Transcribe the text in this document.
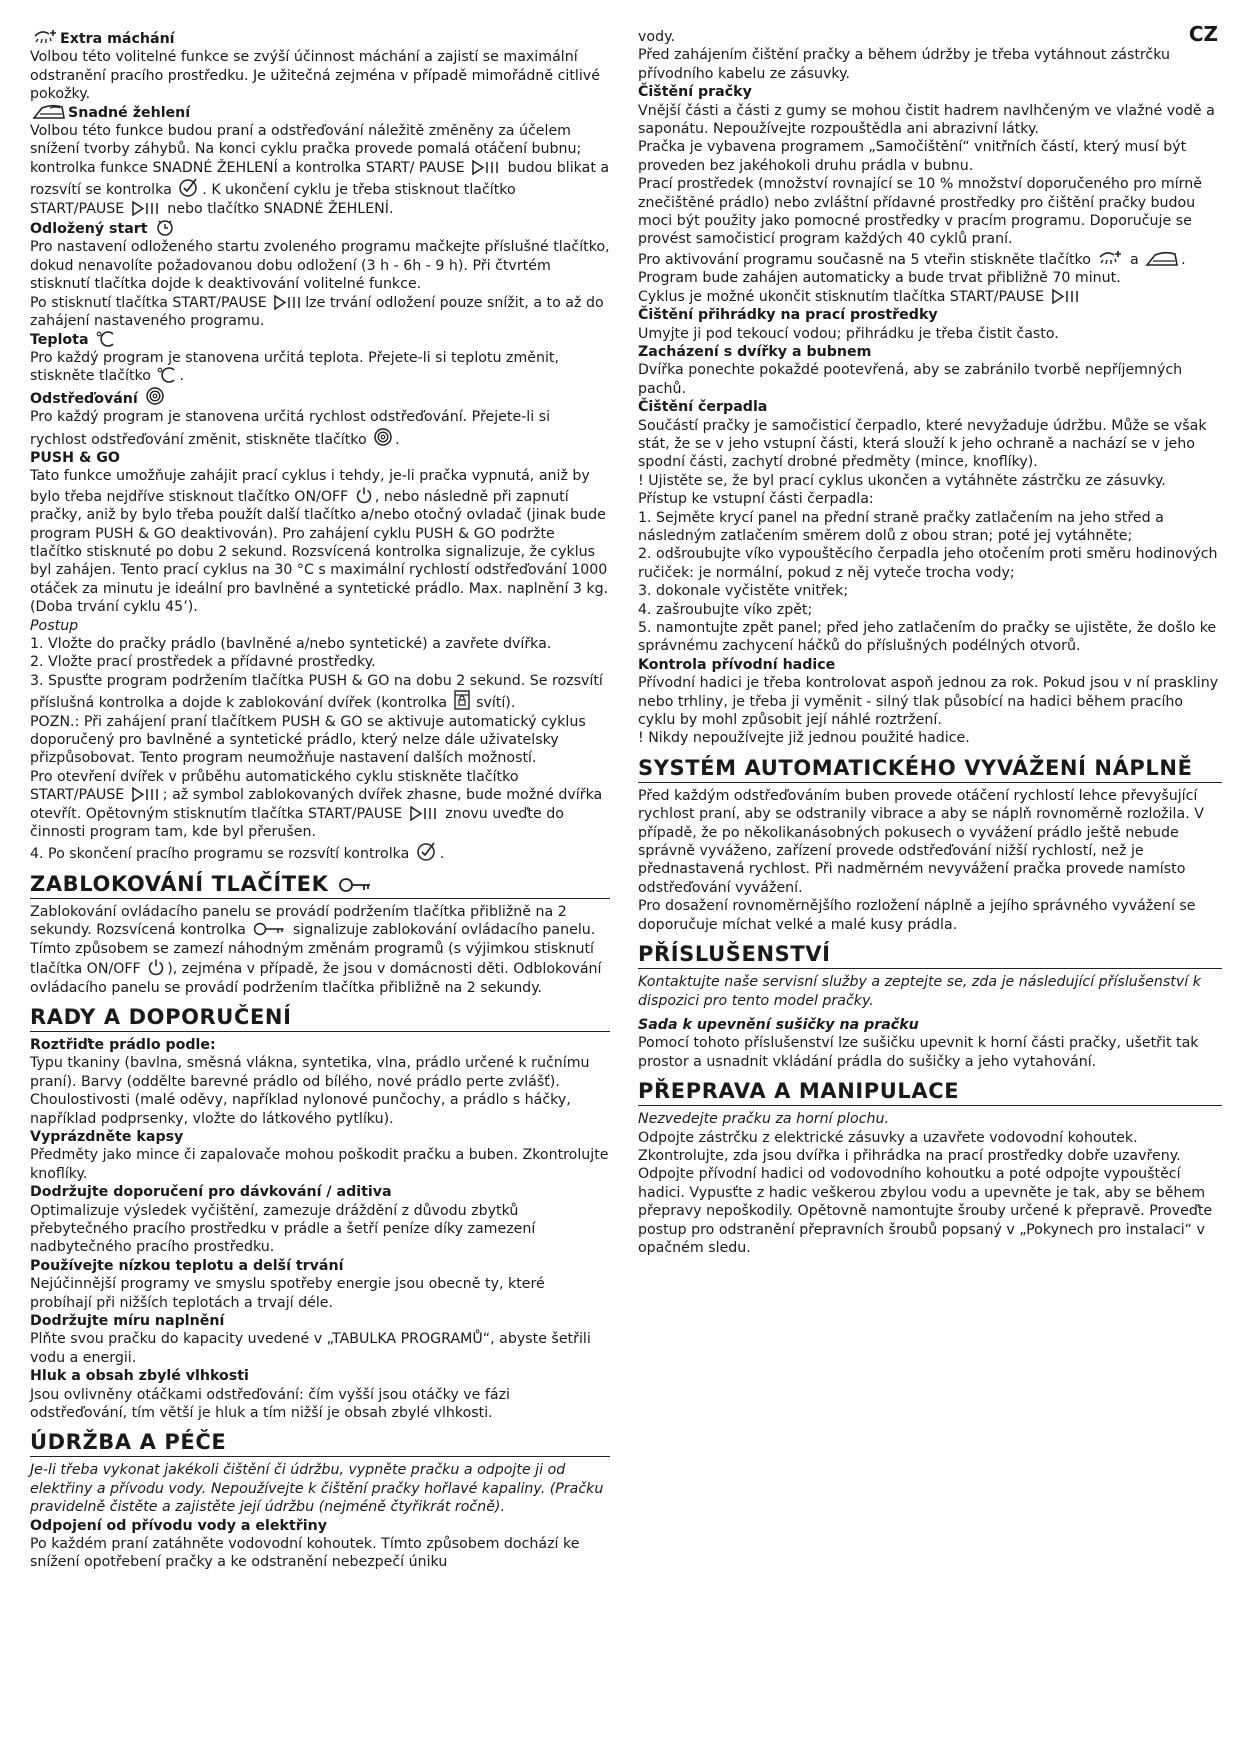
CZ

Extra máchání

Volbou této volitelné funkce se zvýší účinnost máchání a zajistí se maximální odstranění pracího prostředku. Je užitečná zejména v případě mimořádně citlivé pokožky.

Snadné žehlení

Volbou této funkce budou praní a odstřeďování náležitě změněny za účelem snížení tvorby záhybů. Na konci cyklu pračka provede pomalá otáčení bubnu; kontrolka funkce SNADNÉ ŽEHLENÍ a kontrolka START/ PAUSE	budou blikat a rozsvítí se kontrolka . K ukončení cyklu je třeba stisknout tlačítko START/PAUSE	nebo tlačítko SNADNÉ ŽEHLENÍ.

Odložený start

Pro nastavení odloženého startu zvoleného programu mačkejte příslušné tlačítko, dokud nenavolíte požadovanou dobu odložení (3 h - 6h - 9 h). Při čtvrtém stisknutí tlačítka dojde k deaktivování volitelné funkce.

Po stisknutí tlačítka START/PAUSE	lze trvání odložení pouze snížit, a to až do zahájení nastaveného programu.

Teplota

Pro každý program je stanovena určitá teplota. Přejete-li si teplotu změnit, stiskněte tlačítko .

Odstřeďování

Pro každý program je stanovena určitá rychlost odstřeďování. Přejete-li si rychlost odstřeďování změnit, stiskněte tlačítko .

PUSH & GO

Tato funkce umožňuje zahájit prací cyklus i tehdy, je-li pračka vypnutá, aniž by bylo třeba nejdříve stisknout tlačítko ON/OFF , nebo následně při zapnutí pračky, aniž by bylo třeba použít další tlačítko a/nebo otočný ovladač (jinak bude program PUSH & GO deaktivován). Pro zahájení cyklu PUSH & GO podržte tlačítko stisknuté po dobu 2 sekund. Rozsvícená kontrolka signalizuje, že cyklus byl zahájen. Tento prací cyklus na 30 °C s maximální rychlostí odstřeďování 1000 otáček za minutu je ideální pro bavlněné a syntetické prádlo. Max. naplnění 3 kg. (Doba trvání cyklu 45’).

Postup

1. Vložte do pračky prádlo (bavlněné a/nebo syntetické) a zavřete dvířka.

2. Vložte prací prostředek a přídavné prostředky.

3. Spusťte program podržením tlačítka PUSH & GO na dobu 2 sekund. Se rozsvítí příslušná kontrolka a dojde k zablokování dvířek (kontrolka svítí).

POZN.: Při zahájení praní tlačítkem PUSH & GO se aktivuje automatický cyklus doporučený pro bavlněné a syntetické prádlo, který nelze dále uživatelsky přizpůsobovat. Tento program neumožňuje nastavení dalších možností.

Pro otevření dvířek v průběhu automatického cyklu stiskněte tlačítko START/PAUSE	; až symbol zablokovaných dvířek zhasne, bude možné dvířka otevřít. Opětovným stisknutím tlačítka START/PAUSE	znovu uveďte do činnosti program tam, kde byl přerušen.

4. Po skončení pracího programu se rozsvítí kontrolka .

ZABLOKOVÁNÍ TLAČÍTEK

Zablokování ovládacího panelu se provádí podržením tlačítka přibližně na 2 sekundy. Rozsvícená kontrolka	signalizuje zablokování ovládacího panelu. Tímto způsobem se zamezí náhodným změnám programů (s výjimkou stisknutí tlačítka ON/OFF ), zejména v případě, že jsou v domácnosti děti. Odblokování ovládacího panelu se provádí podržením tlačítka přibližně na 2 sekundy.

RADY A DOPORUČENÍ

Roztřiďte prádlo podle:

Typu tkaniny (bavlna, směsná vlákna, syntetika, vlna, prádlo určené k ručnímu praní). Barvy (oddělte barevné prádlo od bílého, nové prádlo perte zvlášť). Choulostivosti (malé oděvy, například nylonové punčochy, a prádlo s háčky, například podprsenky, vložte do látkového pytlíku).

Vyprázdněte kapsy

Předměty jako mince či zapalovače mohou poškodit pračku a buben. Zkontrolujte knoflíky.

Dodržujte doporučení pro dávkování / aditiva

Optimalizuje výsledek vyčištění, zamezuje dráždění z důvodu zbytků přebytečného pracího prostředku v prádle a šetří peníze díky zamezení nadbytečného pracího prostředku.

Používejte nízkou teplotu a delší trvání

Nejúčinnější programy ve smyslu spotřeby energie jsou obecně ty, které probíhají při nižších teplotách a trvají déle.

Dodržujte míru naplnění

Plňte svou pračku do kapacity uvedené v „TABULKA PROGRAMŮ“, abyste šetřili vodu a energii.

Hluk a obsah zbylé vlhkosti

Jsou ovlivněny otáčkami odstřeďování: čím vyšší jsou otáčky ve fázi odstřeďování, tím větší je hluk a tím nižší je obsah zbylé vlhkosti.

ÚDRŽBA A PÉČE

Je-li třeba vykonat jakékoli čištění či údržbu, vypněte pračku a odpojte ji od elektřiny a přívodu vody. Nepoužívejte k čištění pračky hořlavé kapaliny. (Pračku pravidelně čistěte a zajistěte její údržbu (nejméně čtyřikrát ročně).

Odpojení od přívodu vody a elektřiny

Po každém praní zatáhněte vodovodní kohoutek. Tímto způsobem dochází ke snížení opotřebení pračky a ke odstranění nebezpečí úniku

vody.

Před zahájením čištění pračky a během údržby je třeba vytáhnout zástrčku přívodního kabelu ze zásuvky.

Čištění pračky

Vnější části a části z gumy se mohou čistit hadrem navlhčeným ve vlažné vodě a saponátu. Nepoužívejte rozpouštědla ani abrazivní látky.

Pračka je vybavena programem „Samočištění“ vnitřních částí, který musí být proveden bez jakéhokoli druhu prádla v bubnu.

Prací prostředek (množství rovnající se 10 % množství doporučeného pro mírně znečištěné prádlo) nebo zvláštní přídavné prostředky pro čištění pračky budou moci být použity jako pomocné prostředky v pracím programu. Doporučuje se provést samočisticí program každých 40 cyklů praní.

Pro aktivování programu současně na 5 vteřin stiskněte tlačítko	a	.

Program bude zahájen automaticky a bude trvat přibližně 70 minut.

Cyklus je možné ukončit stisknutím tlačítka START/PAUSE

Čištění přihrádky na prací prostředky

Umyjte ji pod tekoucí vodou; přihrádku je třeba čistit často.

Zacházení s dvířky a bubnem

Dvířka ponechte pokaždé pootevřená, aby se zabránilo tvorbě nepříjemných pachů.

Čištění čerpadla

Součástí pračky je samočisticí čerpadlo, které nevyžaduje údržbu. Může se však stát, že se v jeho vstupní části, která slouží k jeho ochraně a nachází se v jeho spodní části, zachytí drobné předměty (mince, knoflíky).

! Ujistěte se, že byl prací cyklus ukončen a vytáhněte zástrčku ze zásuvky.

Přístup ke vstupní části čerpadla:

1. Sejměte krycí panel na přední straně pračky zatlačením na jeho střed a následným zatlačením směrem dolů z obou stran; poté jej vytáhněte;

2. odšroubujte víko vypouštěcího čerpadla jeho otočením proti směru hodinových ručiček: je normální, pokud z něj vyteče trocha vody;

3. dokonale vyčistěte vnitřek;

4. zašroubujte víko zpět;

5. namontujte zpět panel; před jeho zatlačením do pračky se ujistěte, že došlo ke správnému zachycení háčků do příslušných podélných otvorů.

Kontrola přívodní hadice

Přívodní hadici je třeba kontrolovat aspoň jednou za rok. Pokud jsou v ní praskliny nebo trhliny, je třeba ji vyměnit - silný tlak působící na hadici během pracího cyklu by mohl způsobit její náhlé roztržení.

! Nikdy nepoužívejte již jednou použité hadice.

SYSTÉM AUTOMATICKÉHO VYVÁŽENÍ NÁPLNĚ

Před každým odstřeďováním buben provede otáčení rychlostí lehce převyšující rychlost praní, aby se odstranily vibrace a aby se náplň rovnoměrně rozložila. V případě, že po několikanásobných pokusech o vyvážení prádlo ještě nebude správně vyváženo, zařízení provede odstřeďování nižší rychlostí, než je přednastavená rychlost. Při nadměrném nevyvážení pračka provede namísto odstřeďování vyvážení.

Pro dosažení rovnoměrnějšího rozložení náplně a jejího správného vyvážení se doporučuje míchat velké a malé kusy prádla.

PŘÍSLUŠENSTVÍ

Kontaktujte naše servisní služby a zeptejte se, zda je následující příslušenství k dispozici pro tento model pračky.

Sada k upevnění sušičky na pračku

Pomocí tohoto příslušenství lze sušičku upevnit k horní části pračky, ušetřit tak prostor a usnadnit vkládání prádla do sušičky a jeho vytahování.

PŘEPRAVA A MANIPULACE

Nezvedejte pračku za horní plochu.

Odpojte zástrčku z elektrické zásuvky a uzavřete vodovodní kohoutek. Zkontrolujte, zda jsou dvířka i přihrádka na prací prostředky dobře uzavřeny. Odpojte přívodní hadici od vodovodního kohoutku a poté odpojte vypouštěcí hadici. Vypusťte z hadic veškerou zbylou vodu a upevněte je tak, aby se během přepravy nepoškodily. Opětovně namontujte šrouby určené k přepravě. Proveďte postup pro odstranění přepravních šroubů popsaný v „Pokynech pro instalaci“ v opačném sledu.
